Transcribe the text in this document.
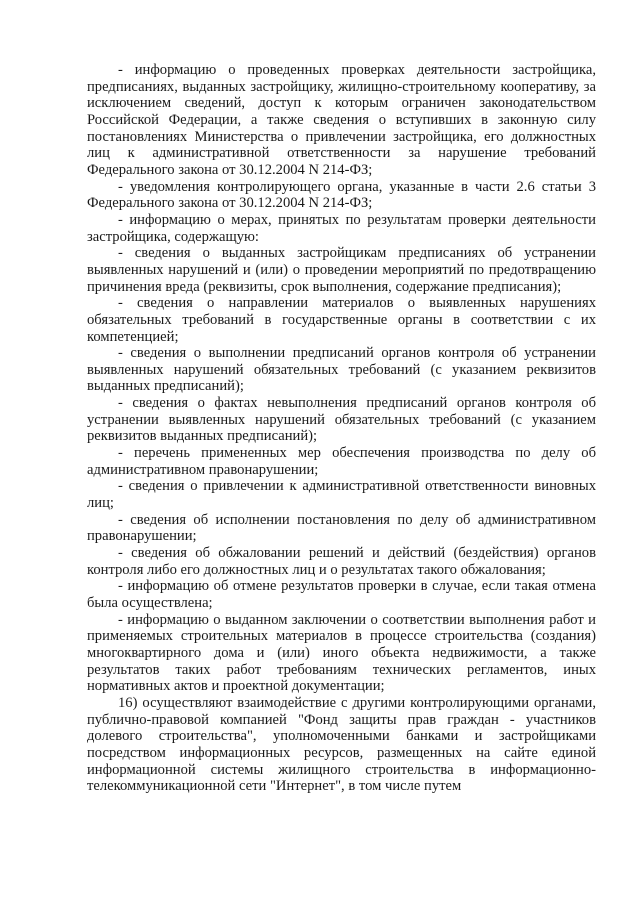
- информацию о проведенных проверках деятельности застройщика, предписаниях, выданных застройщику, жилищно-строительному кооперативу, за исключением сведений, доступ к которым ограничен законодательством Российской Федерации, а также сведения о вступивших в законную силу постановлениях Министерства о привлечении застройщика, его должностных лиц к административной ответственности за нарушение требований Федерального закона от 30.12.2004 N 214-ФЗ;

- уведомления контролирующего органа, указанные в части 2.6 статьи 3 Федерального закона от 30.12.2004 N 214-ФЗ;

- информацию о мерах, принятых по результатам проверки деятельности застройщика, содержащую:

- сведения о выданных застройщикам предписаниях об устранении выявленных нарушений и (или) о проведении мероприятий по предотвращению причинения вреда (реквизиты, срок выполнения, содержание предписания);

- сведения о направлении материалов о выявленных нарушениях обязательных требований в государственные органы в соответствии с их компетенцией;

- сведения о выполнении предписаний органов контроля об устранении выявленных нарушений обязательных требований (с указанием реквизитов выданных предписаний);

- сведения о фактах невыполнения предписаний органов контроля об устранении выявленных нарушений обязательных требований (с указанием реквизитов выданных предписаний);

- перечень примененных мер обеспечения производства по делу об административном правонарушении;

- сведения о привлечении к административной ответственности виновных лиц;

- сведения об исполнении постановления по делу об административном правонарушении;

- сведения об обжаловании решений и действий (бездействия) органов контроля либо его должностных лиц и о результатах такого обжалования;

- информацию об отмене результатов проверки в случае, если такая отмена была осуществлена;

- информацию о выданном заключении о соответствии выполнения работ и применяемых строительных материалов в процессе строительства (создания) многоквартирного дома и (или) иного объекта недвижимости, а также результатов таких работ требованиям технических регламентов, иных нормативных актов и проектной документации;

16) осуществляют взаимодействие с другими контролирующими органами, публично-правовой компанией "Фонд защиты прав граждан - участников долевого строительства", уполномоченными банками и застройщиками посредством информационных ресурсов, размещенных на сайте единой информационной системы жилищного строительства в информационно-телекоммуникационной сети "Интернет", в том числе путем
